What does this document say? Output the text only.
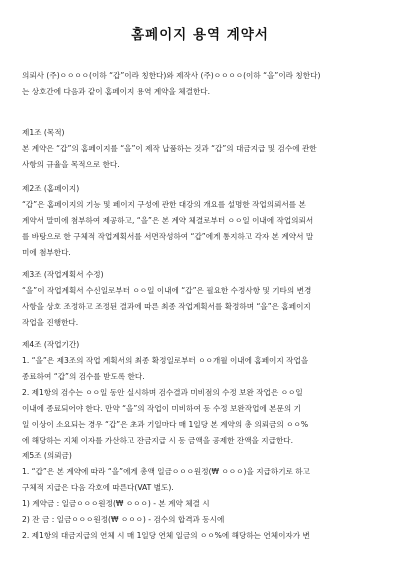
홈페이지 용역 계약서

의뢰사 (주)ㅇㅇㅇㅇ(이하 “갑”이라 칭한다)와 제작사 (주)ㅇㅇㅇㅇ(이하 “을”이라 칭한다)

는 상호간에 다음과 같이 홈페이지 용역 계약을 체결한다.

제1조 (목적)

본 계약은 “갑”의 홈페이지를 “을”이 제작 납품하는 것과 “갑”의 대금지급 및 검수에 관한

사항의 규율을 목적으로 한다.

제2조 (홈페이지)

“갑”은 홈페이지의 기능 및 페이지 구성에 관한 대강의 개요를 설명한 작업의뢰서를 본

계약서 말미에 첨부하여 제공하고, “을”은 본 계약 체결로부터 ㅇㅇ일 이내에 작업의뢰서

를 바탕으로 한 구체적 작업계획서를 서면작성하여 “갑”에게 통지하고 각자 본 계약서 말

미에 첨부한다.

제3조 (작업계획서 수정)

“을”이 작업계획서 수신일로부터 ㅇㅇ일 이내에 “갑”은 필요한 수정사항 및 기타의 변경

사항을 상호 조정하고 조정된 결과에 따른 최종 작업계획서를 확정하며 “을”은 홈페이지

작업을 진행한다.

제4조 (작업기간)

1. “을”은 제3조의 작업 계획서의 최종 확정일로부터 ㅇㅇ개월 이내에 홈페이지 작업을

종료하여 “갑”의 검수를 받도록 한다.

2. 제1항의 검수는 ㅇㅇ일 동안 실시하며 검수결과 미비점의 수정 보완 작업은 ㅇㅇ일

이내에 종료되어야 한다. 만약 “을”의 작업이 미비하여 동 수정 보완작업에 본문의 기

일 이상이 소요되는 경우 “갑”은 초과 기일마다 매 1일당 본 계약의 총 의뢰금의 ㅇㅇ%

에 해당하는 지체 이자를 가산하고 잔금지급 시 동 금액을 공제한 잔액을 지급한다.

제5조 (의뢰금)

1. “갑”은 본 계약에 따라 “을”에게 총액 일금ㅇㅇㅇ원정(₩ ㅇㅇㅇ)을 지급하기로 하고

구체적 지급은 다음 각호에 따른다(VAT 별도).

1) 계약금 : 일금ㅇㅇㅇ원정(₩ ㅇㅇㅇ) - 본 계약 체결 시

2) 잔 금 : 일금ㅇㅇㅇ원정(₩ ㅇㅇㅇ) - 검수의 합격과 동시에

2. 제1항의 대금지급의 연체 시 매 1일당 연체 일금의 ㅇㅇ%에 해당하는 연체이자가 변
